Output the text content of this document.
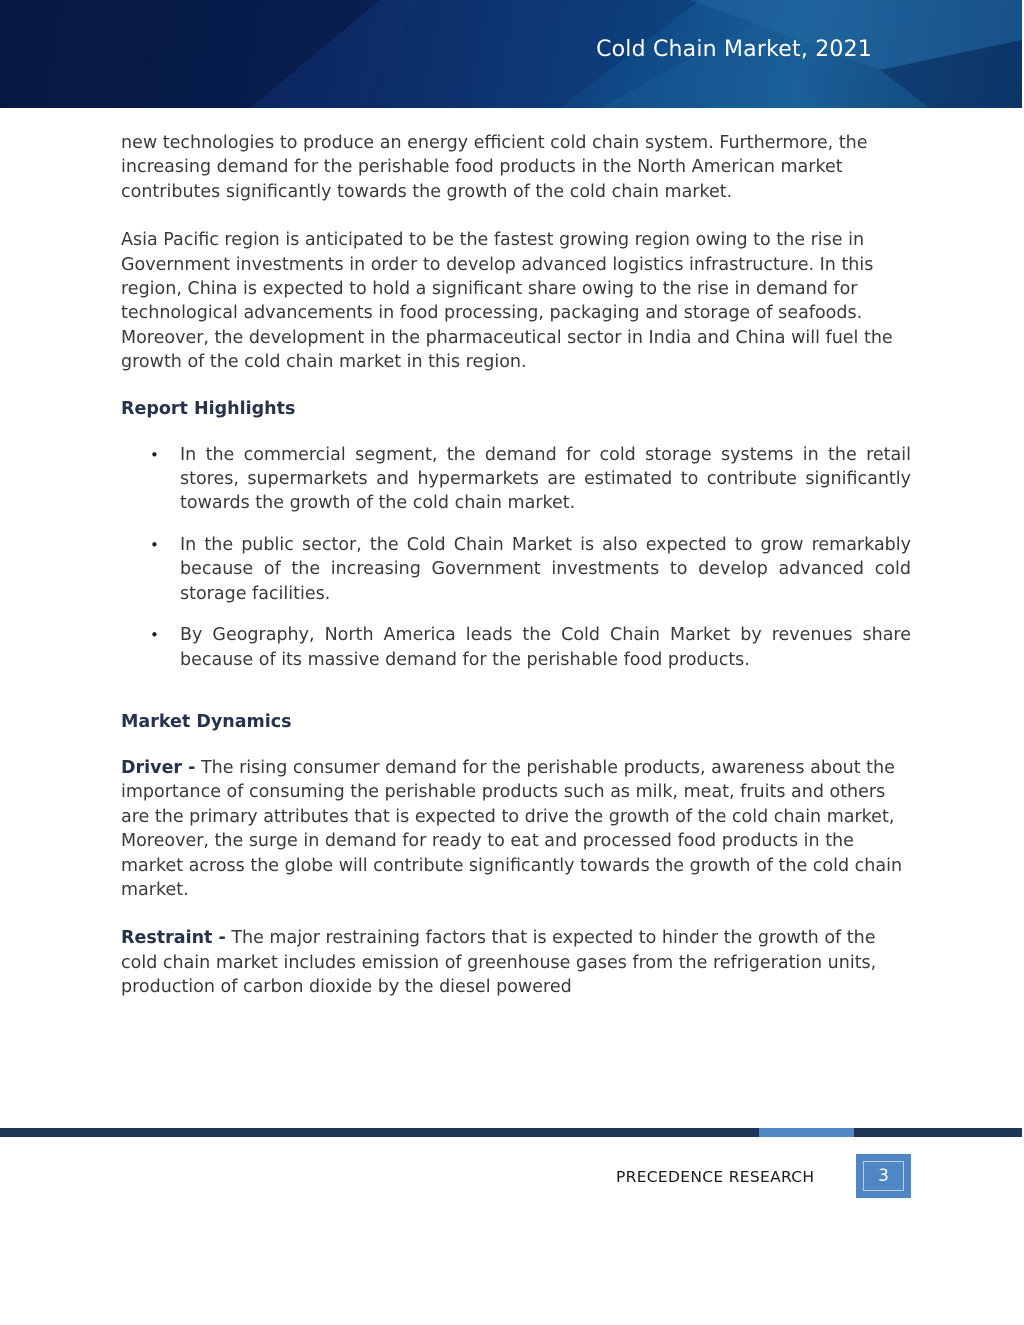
Cold Chain Market, 2021

new technologies to produce an energy efficient cold chain system. Furthermore, the increasing demand for the perishable food products in the North American market contributes significantly towards the growth of the cold chain market.

Asia Pacific region is anticipated to be the fastest growing region owing to the rise in Government investments in order to develop advanced logistics infrastructure. In this region, China is expected to hold a significant share owing to the rise in demand for technological advancements in food processing, packaging and storage of seafoods. Moreover, the development in the pharmaceutical sector in India and China will fuel the growth of the cold chain market in this region.

Report Highlights

• In the commercial segment, the demand for cold storage systems in the retail stores, supermarkets and hypermarkets are estimated to contribute significantly towards the growth of the cold chain market.
• In the public sector, the Cold Chain Market is also expected to grow remarkably because of the increasing Government investments to develop advanced cold storage facilities.
• By Geography, North America leads the Cold Chain Market by revenues share because of its massive demand for the perishable food products.

Market Dynamics

Driver - The rising consumer demand for the perishable products, awareness about the importance of consuming the perishable products such as milk, meat, fruits and others are the primary attributes that is expected to drive the growth of the cold chain market, Moreover, the surge in demand for ready to eat and processed food products in the market across the globe will contribute significantly towards the growth of the cold chain market.

Restraint - The major restraining factors that is expected to hinder the growth of the cold chain market includes emission of greenhouse gases from the refrigeration units, production of carbon dioxide by the diesel powered

PRECEDENCE RESEARCH	3
